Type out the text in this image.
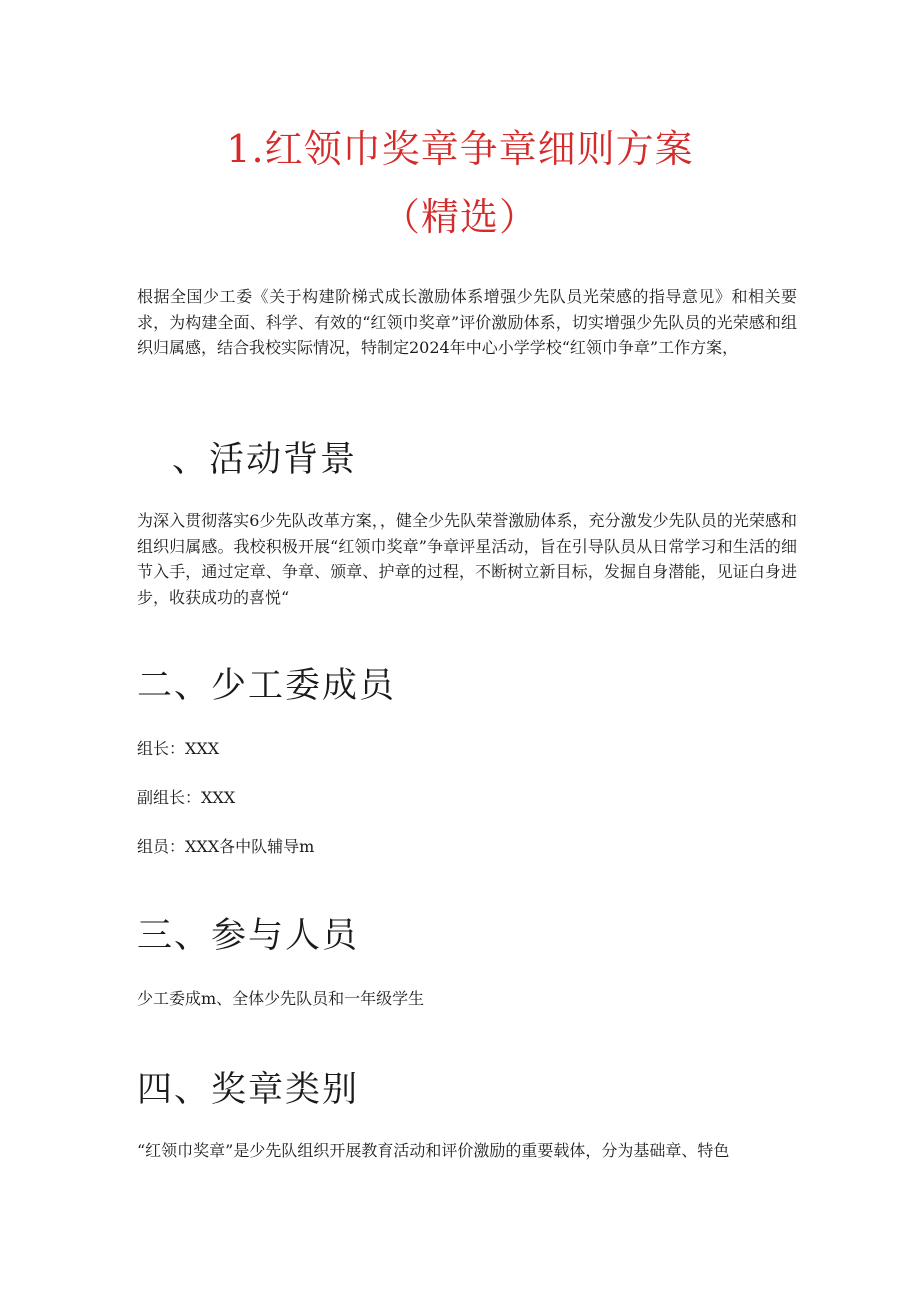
1.红领巾奖章争章细则方案
（精选）

根据全国少工委《关于构建阶梯式成长激励体系增强少先队员光荣感的指导意见》和相关要求，为构建全面、科学、有效的“红领巾奖章”评价激励体系，切实增强少先队员的光荣感和组织归属感，结合我校实际情况，特制定2024年中心小学学校“红领巾争章”工作方案，

、活动背景

为深入贯彻落实6少先队改革方案，，健全少先队荣誉激励体系，充分激发少先队员的光荣感和组织归属感。我校积极开展“红领巾奖章”争章评星活动，旨在引导队员从日常学习和生活的细节入手，通过定章、争章、颁章、护章的过程，不断树立新目标，发掘自身潜能，见证白身进步，收获成功的喜悦“

二、少工委成员

组长：XXX

副组长：XXX

组员：XXX各中队辅导m

三、参与人员

少工委成m、全体少先队员和一年级学生

四、奖章类别

“红领巾奖章”是少先队组织开展教育活动和评价激励的重要载体，分为基础章、特色
